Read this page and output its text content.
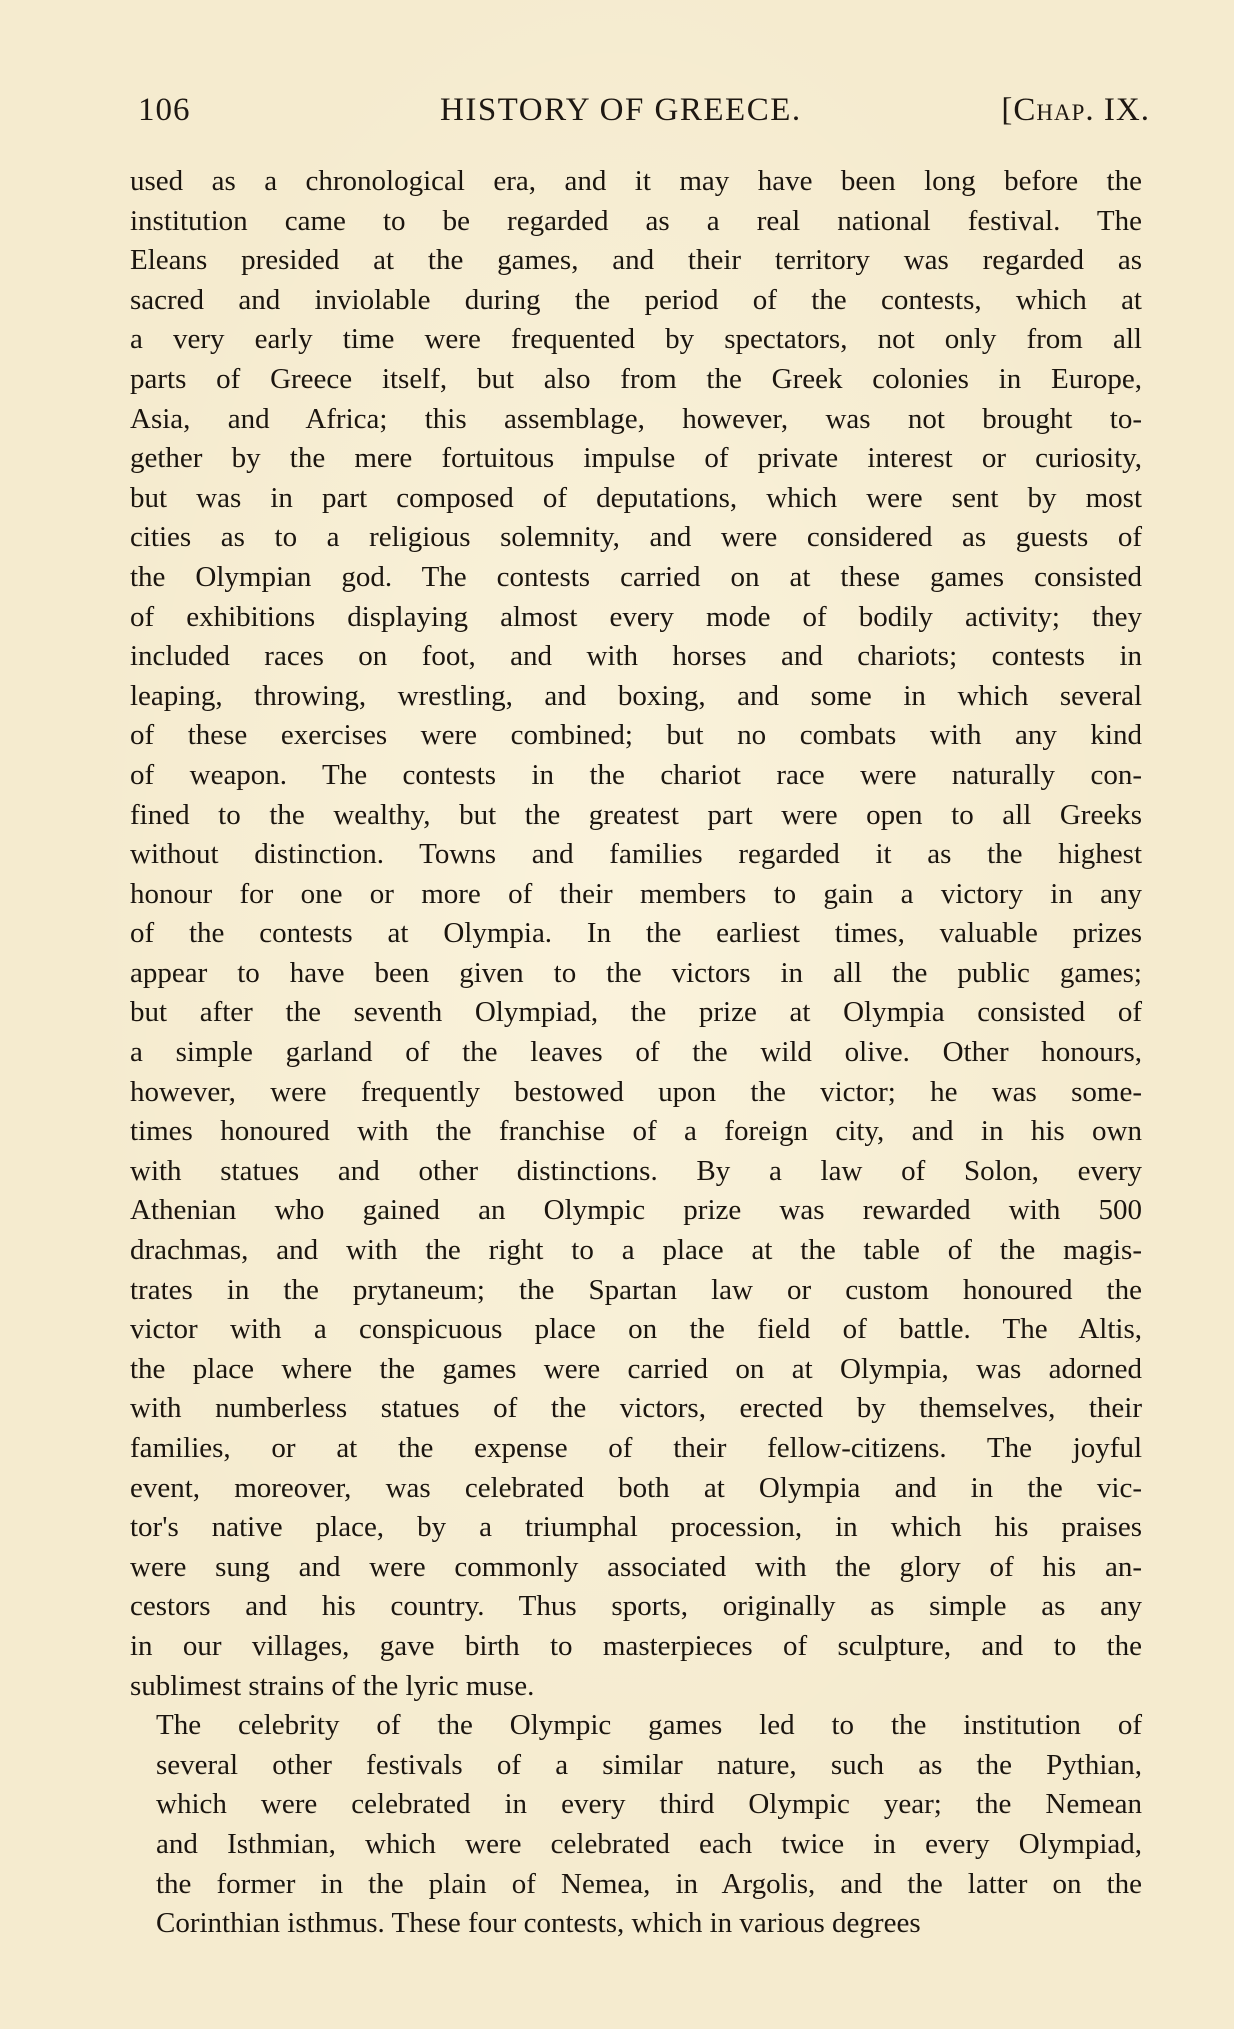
106	HISTORY OF GREECE.	[Chap. IX.
used as a chronological era, and it may have been long before the
institution came to be regarded as a real national festival. The
Eleans presided at the games, and their territory was regarded as
sacred and inviolable during the period of the contests, which at
a very early time were frequented by spectators, not only from all
parts of Greece itself, but also from the Greek colonies in Europe,
Asia, and Africa; this assemblage, however, was not brought to-
gether by the mere fortuitous impulse of private interest or curiosity,
but was in part composed of deputations, which were sent by most
cities as to a religious solemnity, and were considered as guests of
the Olympian god. The contests carried on at these games consisted
of exhibitions displaying almost every mode of bodily activity; they
included races on foot, and with horses and chariots; contests in
leaping, throwing, wrestling, and boxing, and some in which several
of these exercises were combined; but no combats with any kind
of weapon. The contests in the chariot race were naturally con-
fined to the wealthy, but the greatest part were open to all Greeks
without distinction. Towns and families regarded it as the highest
honour for one or more of their members to gain a victory in any
of the contests at Olympia. In the earliest times, valuable prizes
appear to have been given to the victors in all the public games;
but after the seventh Olympiad, the prize at Olympia consisted of
a simple garland of the leaves of the wild olive. Other honours,
however, were frequently bestowed upon the victor; he was some-
times honoured with the franchise of a foreign city, and in his own
with statues and other distinctions. By a law of Solon, every
Athenian who gained an Olympic prize was rewarded with 500
drachmas, and with the right to a place at the table of the magis-
trates in the prytaneum; the Spartan law or custom honoured the
victor with a conspicuous place on the field of battle. The Altis,
the place where the games were carried on at Olympia, was adorned
with numberless statues of the victors, erected by themselves, their
families, or at the expense of their fellow-citizens. The joyful
event, moreover, was celebrated both at Olympia and in the vic-
tor's native place, by a triumphal procession, in which his praises
were sung and were commonly associated with the glory of his an-
cestors and his country. Thus sports, originally as simple as any
in our villages, gave birth to masterpieces of sculpture, and to the
sublimest strains of the lyric muse.
The celebrity of the Olympic games led to the institution of
several other festivals of a similar nature, such as the Pythian,
which were celebrated in every third Olympic year; the Nemean
and Isthmian, which were celebrated each twice in every Olympiad,
the former in the plain of Nemea, in Argolis, and the latter on the
Corinthian isthmus. These four contests, which in various degrees
